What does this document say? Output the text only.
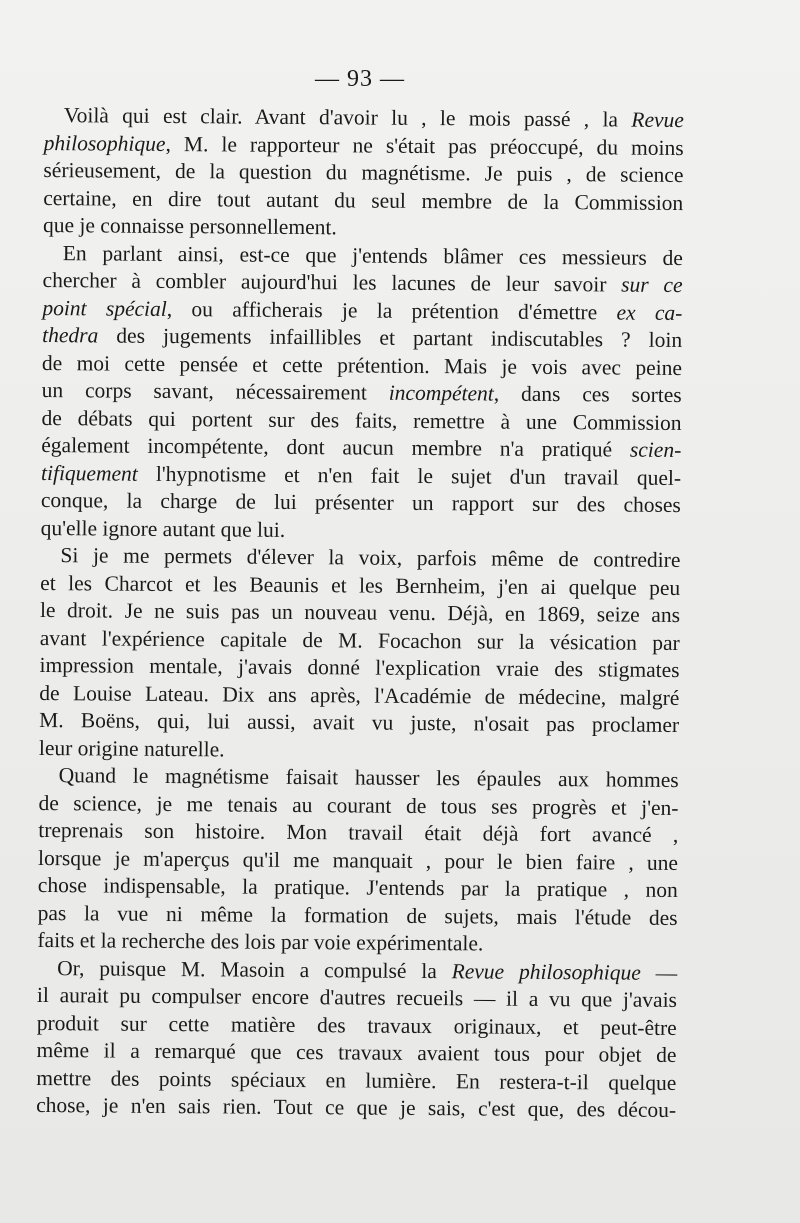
— 93 —
Voilà qui est clair. Avant d'avoir lu , le mois passé , la Revue
philosophique, M. le rapporteur ne s'était pas préoccupé, du moins
sérieusement, de la question du magnétisme. Je puis , de science
certaine, en dire tout autant du seul membre de la Commission
que je connaisse personnellement.
En parlant ainsi, est-ce que j'entends blâmer ces messieurs de
chercher à combler aujourd'hui les lacunes de leur savoir sur ce
point spécial, ou afficherais je la prétention d'émettre ex ca-
thedra des jugements infaillibles et partant indiscutables ? loin
de moi cette pensée et cette prétention. Mais je vois avec peine
un corps savant, nécessairement incompétent, dans ces sortes
de débats qui portent sur des faits, remettre à une Commission
également incompétente, dont aucun membre n'a pratiqué scien-
tifiquement l'hypnotisme et n'en fait le sujet d'un travail quel-
conque, la charge de lui présenter un rapport sur des choses
qu'elle ignore autant que lui.
Si je me permets d'élever la voix, parfois même de contredire
et les Charcot et les Beaunis et les Bernheim, j'en ai quelque peu
le droit. Je ne suis pas un nouveau venu. Déjà, en 1869, seize ans
avant l'expérience capitale de M. Focachon sur la vésication par
impression mentale, j'avais donné l'explication vraie des stigmates
de Louise Lateau. Dix ans après, l'Académie de médecine, malgré
M. Boëns, qui, lui aussi, avait vu juste, n'osait pas proclamer
leur origine naturelle.
Quand le magnétisme faisait hausser les épaules aux hommes
de science, je me tenais au courant de tous ses progrès et j'en-
treprenais son histoire. Mon travail était déjà fort avancé ,
lorsque je m'aperçus qu'il me manquait , pour le bien faire , une
chose indispensable, la pratique. J'entends par la pratique , non
pas la vue ni même la formation de sujets, mais l'étude des
faits et la recherche des lois par voie expérimentale.
Or, puisque M. Masoin a compulsé la Revue philosophique —
il aurait pu compulser encore d'autres recueils — il a vu que j'avais
produit sur cette matière des travaux originaux, et peut-être
même il a remarqué que ces travaux avaient tous pour objet de
mettre des points spéciaux en lumière. En restera-t-il quelque
chose, je n'en sais rien. Tout ce que je sais, c'est que, des décou-
